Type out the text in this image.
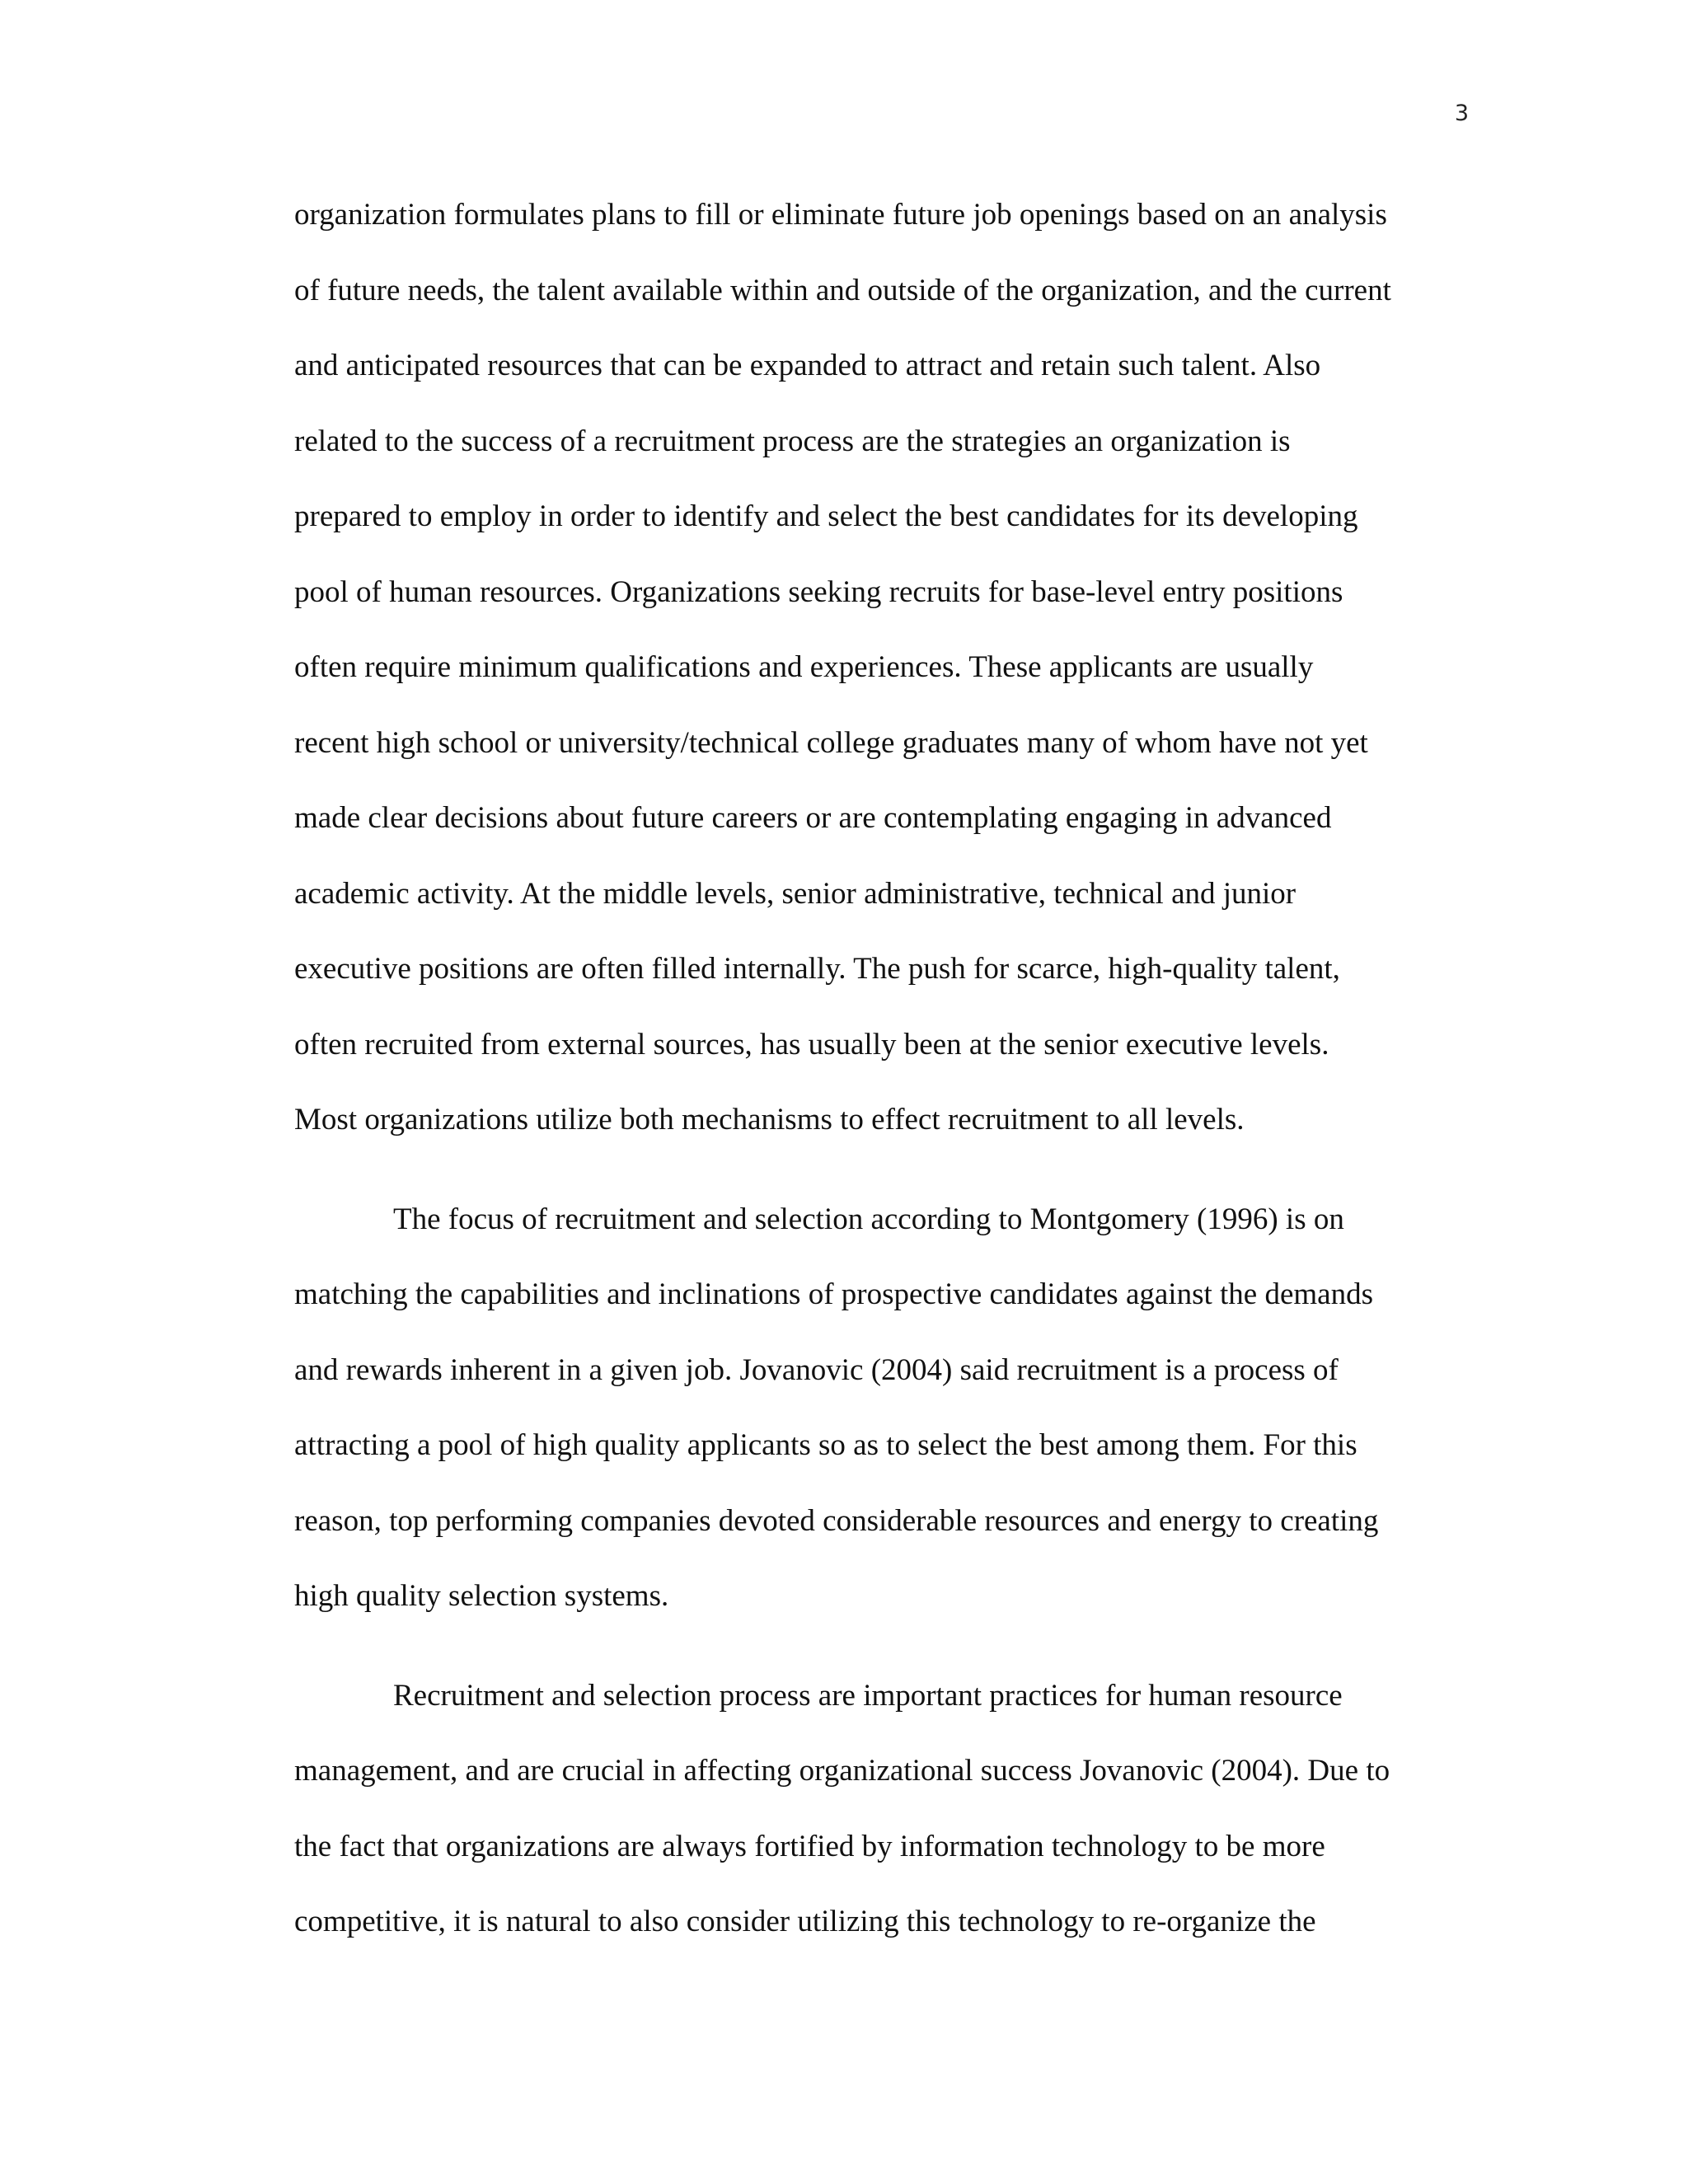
3
organization formulates plans to fill or eliminate future job openings based on an analysis
of future needs, the talent available within and outside of the organization, and the current
and anticipated resources that can be expanded to attract and retain such talent. Also
related to the success of a recruitment process are the strategies an organization is
prepared to employ in order to identify and select the best candidates for its developing
pool of human resources. Organizations seeking recruits for base-level entry positions
often require minimum qualifications and experiences. These applicants are usually
recent high school or university/technical college graduates many of whom have not yet
made clear decisions about future careers or are contemplating engaging in advanced
academic activity. At the middle levels, senior administrative, technical and junior
executive positions are often filled internally. The push for scarce, high-quality talent,
often recruited from external sources, has usually been at the senior executive levels.
Most organizations utilize both mechanisms to effect recruitment to all levels.
The focus of recruitment and selection according to Montgomery (1996) is on
matching the capabilities and inclinations of prospective candidates against the demands
and rewards inherent in a given job. Jovanovic (2004) said recruitment is a process of
attracting a pool of high quality applicants so as to select the best among them. For this
reason, top performing companies devoted considerable resources and energy to creating
high quality selection systems.
Recruitment and selection process are important practices for human resource
management, and are crucial in affecting organizational success Jovanovic (2004). Due to
the fact that organizations are always fortified by information technology to be more
competitive, it is natural to also consider utilizing this technology to re-organize the
